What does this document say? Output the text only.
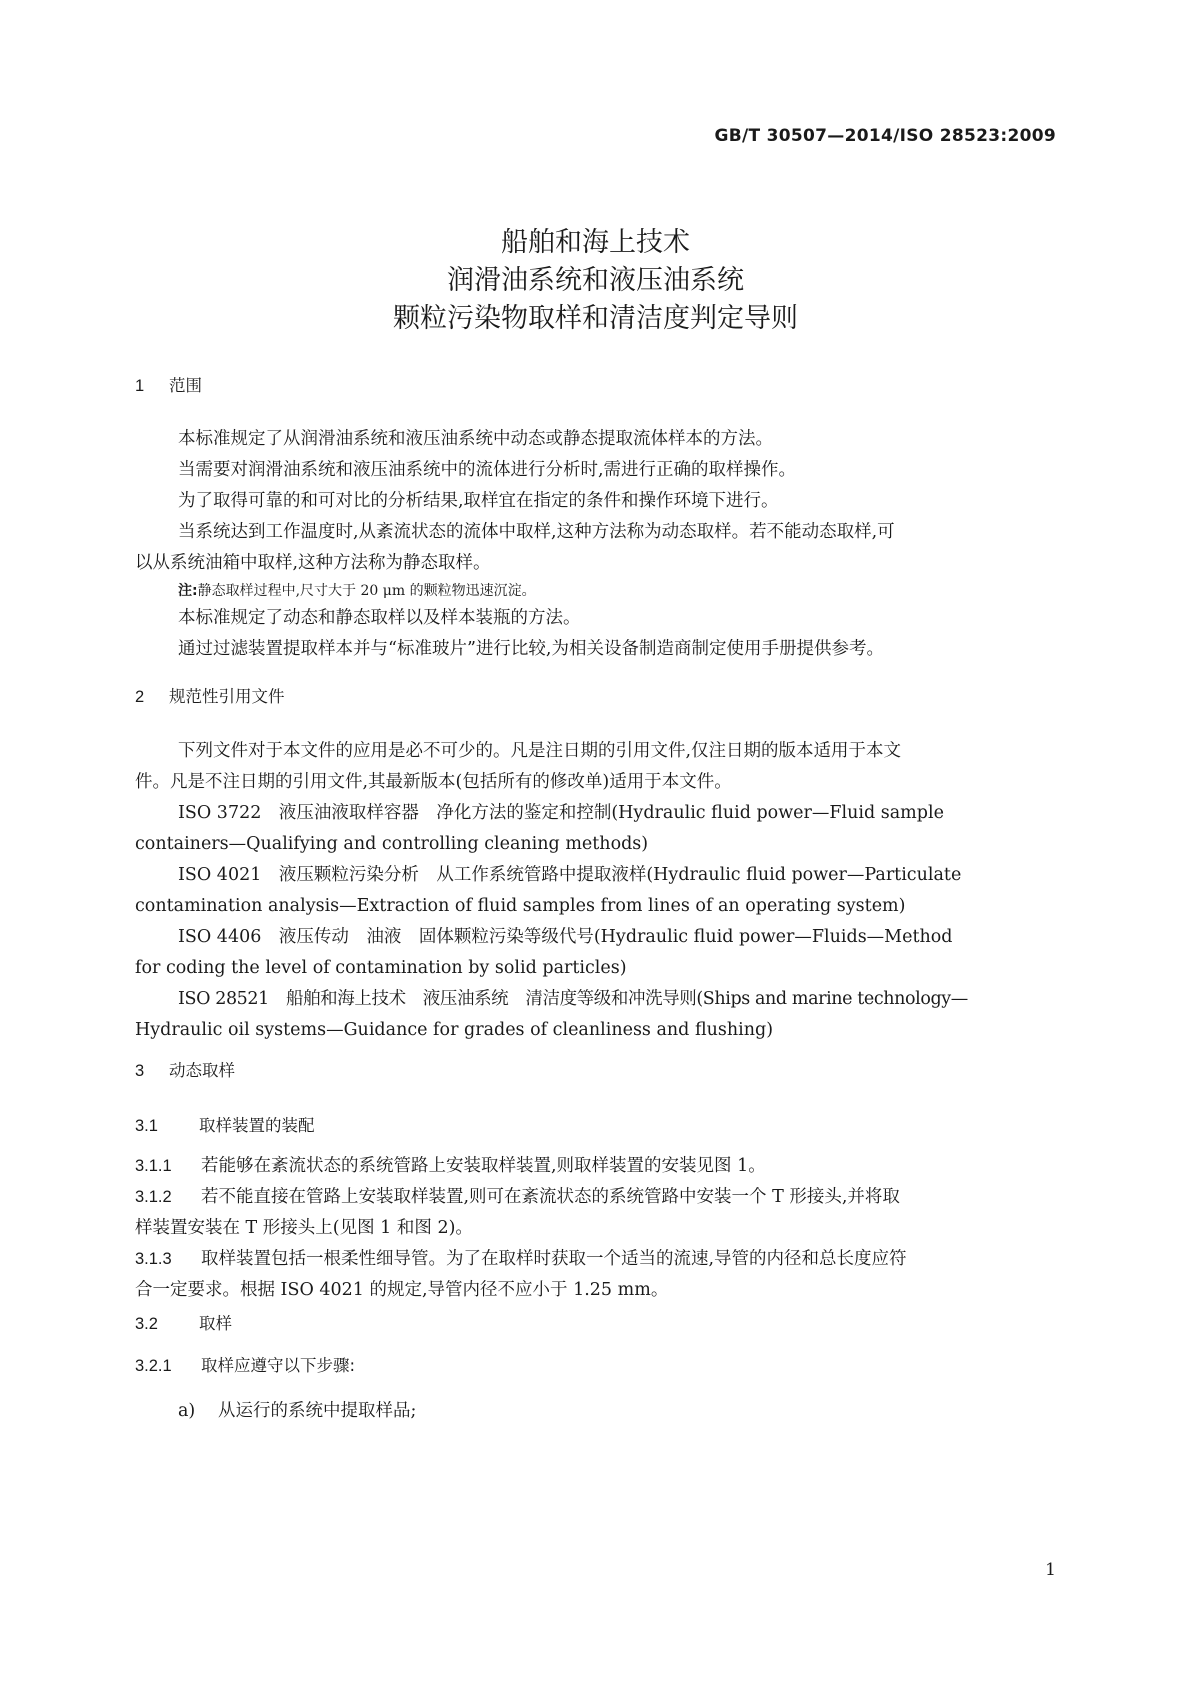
GB/T 30507—2014/ISO 28523:2009
船舶和海上技术
润滑油系统和液压油系统
颗粒污染物取样和清洁度判定导则
1 范围
本标准规定了从润滑油系统和液压油系统中动态或静态提取流体样本的方法。
当需要对润滑油系统和液压油系统中的流体进行分析时,需进行正确的取样操作。
为了取得可靠的和可对比的分析结果,取样宜在指定的条件和操作环境下进行。
当系统达到工作温度时,从紊流状态的流体中取样,这种方法称为动态取样。若不能动态取样,可
以从系统油箱中取样,这种方法称为静态取样。
注:静态取样过程中,尺寸大于 20 μm 的颗粒物迅速沉淀。
本标准规定了动态和静态取样以及样本装瓶的方法。
通过过滤装置提取样本并与“标准玻片”进行比较,为相关设备制造商制定使用手册提供参考。
2 规范性引用文件
下列文件对于本文件的应用是必不可少的。凡是注日期的引用文件,仅注日期的版本适用于本文
件。凡是不注日期的引用文件,其最新版本(包括所有的修改单)适用于本文件。
ISO 3722　液压油液取样容器　净化方法的鉴定和控制(Hydraulic fluid power—Fluid sample
containers—Qualifying and controlling cleaning methods)
ISO 4021　液压颗粒污染分析　从工作系统管路中提取液样(Hydraulic fluid power—Particulate
contamination analysis—Extraction of fluid samples from lines of an operating system)
ISO 4406　液压传动　油液　固体颗粒污染等级代号(Hydraulic fluid power—Fluids—Method
for coding the level of contamination by solid particles)
ISO 28521　船舶和海上技术　液压油系统　清洁度等级和冲洗导则(Ships and marine technology—
Hydraulic oil systems—Guidance for grades of cleanliness and flushing)
3 动态取样
3.1 取样装置的装配
3.1.1 若能够在紊流状态的系统管路上安装取样装置,则取样装置的安装见图 1。
3.1.2 若不能直接在管路上安装取样装置,则可在紊流状态的系统管路中安装一个 T 形接头,并将取
样装置安装在 T 形接头上(见图 1 和图 2)。
3.1.3 取样装置包括一根柔性细导管。为了在取样时获取一个适当的流速,导管的内径和总长度应符
合一定要求。根据 ISO 4021 的规定,导管内径不应小于 1.25 mm。
3.2 取样
3.2.1 取样应遵守以下步骤:
a) 从运行的系统中提取样品;
1
